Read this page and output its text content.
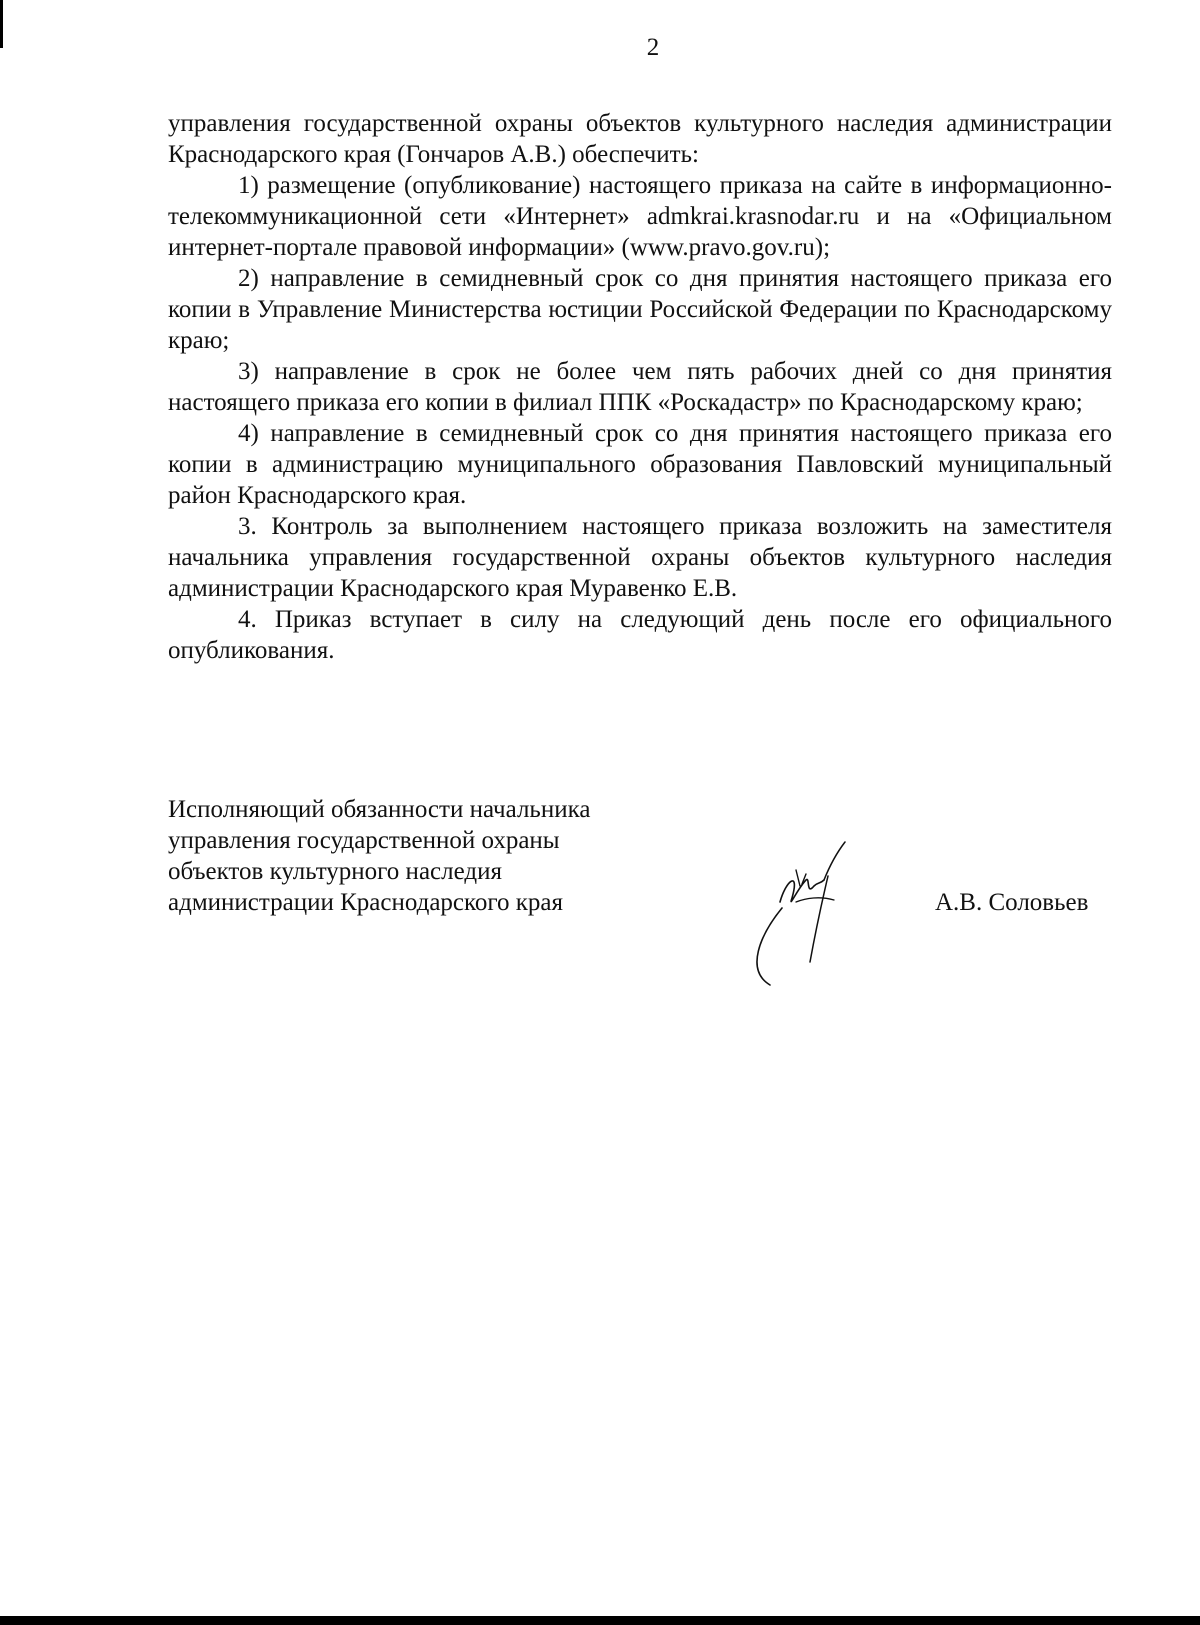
2

управления государственной охраны объектов культурного наследия администрации Краснодарского края (Гончаров А.В.) обеспечить:

1) размещение (опубликование) настоящего приказа на сайте в информационно-телекоммуникационной сети «Интернет» admkrai.krasnodar.ru и на «Официальном интернет-портале правовой информации» (www.pravo.gov.ru);

2) направление в семидневный срок со дня принятия настоящего приказа его копии в Управление Министерства юстиции Российской Федерации по Краснодарскому краю;

3) направление в срок не более чем пять рабочих дней со дня принятия настоящего приказа его копии в филиал ППК «Роскадастр» по Краснодарскому краю;

4) направление в семидневный срок со дня принятия настоящего приказа его копии в администрацию муниципального образования Павловский муниципальный район Краснодарского края.

3. Контроль за выполнением настоящего приказа возложить на заместителя начальника управления государственной охраны объектов культурного наследия администрации Краснодарского края Муравенко Е.В.

4. Приказ вступает в силу на следующий день после его официального опубликования.

Исполняющий обязанности начальника
управления государственной охраны
объектов культурного наследия
администрации Краснодарского края	А.В. Соловьев
